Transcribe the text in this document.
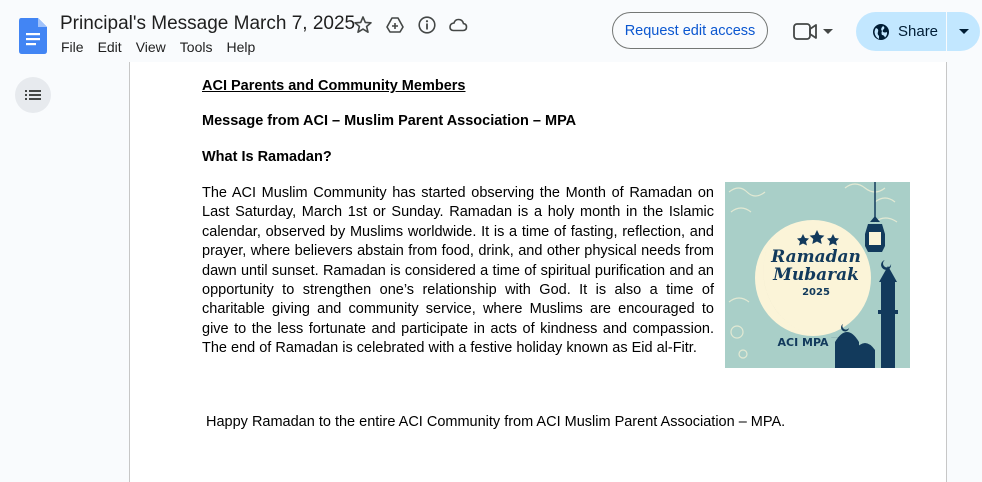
Principal's Message March 7, 2025
File Edit View Tools Help
Request edit access	Share
ACI Parents and Community Members
Message from ACI – Muslim Parent Association – MPA
What Is Ramadan?
The ACI Muslim Community has started observing the Month of Ramadan on Last Saturday, March 1st or Sunday. Ramadan is a holy month in the Islamic calendar, observed by Muslims worldwide. It is a time of fasting, reflection, and prayer, where believers abstain from food, drink, and other physical needs from dawn until sunset. Ramadan is considered a time of spiritual purification and an opportunity to strengthen one’s relationship with God. It is also a time of charitable giving and community service, where Muslims are encouraged to give to the less fortunate and participate in acts of kindness and compassion. The end of Ramadan is celebrated with a festive holiday known as Eid al-Fitr.
Ramadan
Mubarak
2025
ACI MPA
Happy Ramadan to the entire ACI Community from ACI Muslim Parent Association – MPA.
